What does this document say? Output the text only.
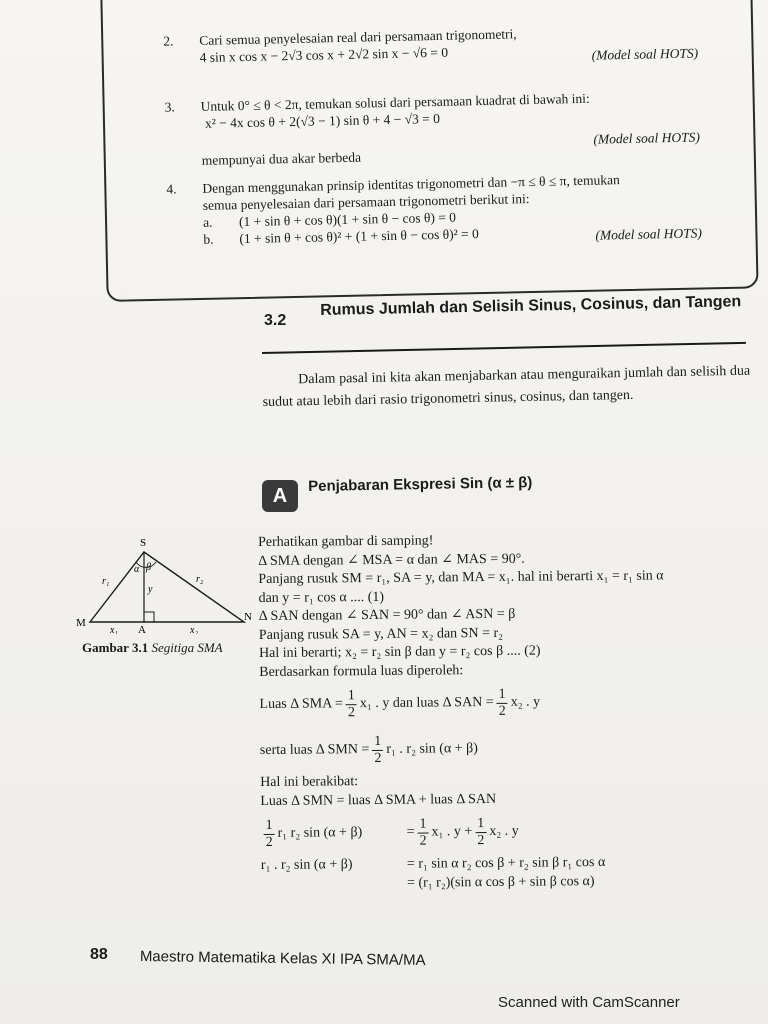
2. Cari semua penyelesaian real dari persamaan trigonometri,
4 sin x cos x − 2√3 cos x + 2√2 sin x − √6 = 0	(Model soal HOTS)
3. Untuk 0° ≤ θ < 2π, temukan solusi dari persamaan kuadrat di bawah ini:
x² − 4x cos θ + 2(√3 − 1) sin θ + 4 − √3 = 0
mempunyai dua akar berbeda
(Model soal HOTS)
4. Dengan menggunakan prinsip identitas trigonometri dan −π ≤ θ ≤ π, temukan
semua penyelesaian dari persamaan trigonometri berikut ini:
a. (1 + sin θ + cos θ)(1 + sin θ − cos θ) = 0
b. (1 + sin θ + cos θ)² + (1 + sin θ − cos θ)² = 0	(Model soal HOTS)
3.2
Rumus Jumlah dan Selisih Sinus, Cosinus, dan Tangen
Dalam pasal ini kita akan menjabarkan atau menguraikan jumlah dan selisih dua sudut atau lebih dari rasio trigonometri sinus, cosinus, dan tangen.
A
Penjabaran Ekspresi Sin (α ± β)
S
M
A
N
α β
r₁	r₂
y
x₁	x₂
Gambar 3.1 Segitiga SMA
Perhatikan gambar di samping!
Δ SMA dengan ∠ MSA = α dan ∠ MAS = 90°.
Panjang rusuk SM = r₁, SA = y, dan MA = x₁. hal ini berarti x₁ = r₁ sin α
dan y = r₁ cos α .... (1)
Δ SAN dengan ∠ SAN = 90° dan ∠ ASN = β
Panjang rusuk SA = y, AN = x₂ dan SN = r₂
Hal ini berarti; x₂ = r₂ sin β dan y = r₂ cos β .... (2)
Berdasarkan formula luas diperoleh:
Luas Δ SMA = $\frac{1}{2} x_1$ . y dan luas Δ SAN = $\frac{1}{2} x_2$ . y
serta luas Δ SMN = $\frac{1}{2} r_1$ . r₂ sin (α + β)
Hal ini berakibat:
Luas Δ SMN = luas Δ SMA + luas Δ SAN
$\frac{1}{2} r_1$ r₂ sin (α + β)	= $\frac{1}{2} x_1$ . $y + \frac{1}{2} x_2$ . y
r₁ . r₂ sin (α + β)	= r₁ sin α r₂ cos β + r₂ sin β r₁ cos α
= (r₁ r₂)(sin α cos β + sin β cos α)
88 Maestro Matematika Kelas XI IPA SMA/MA
Scanned with CamScanner
